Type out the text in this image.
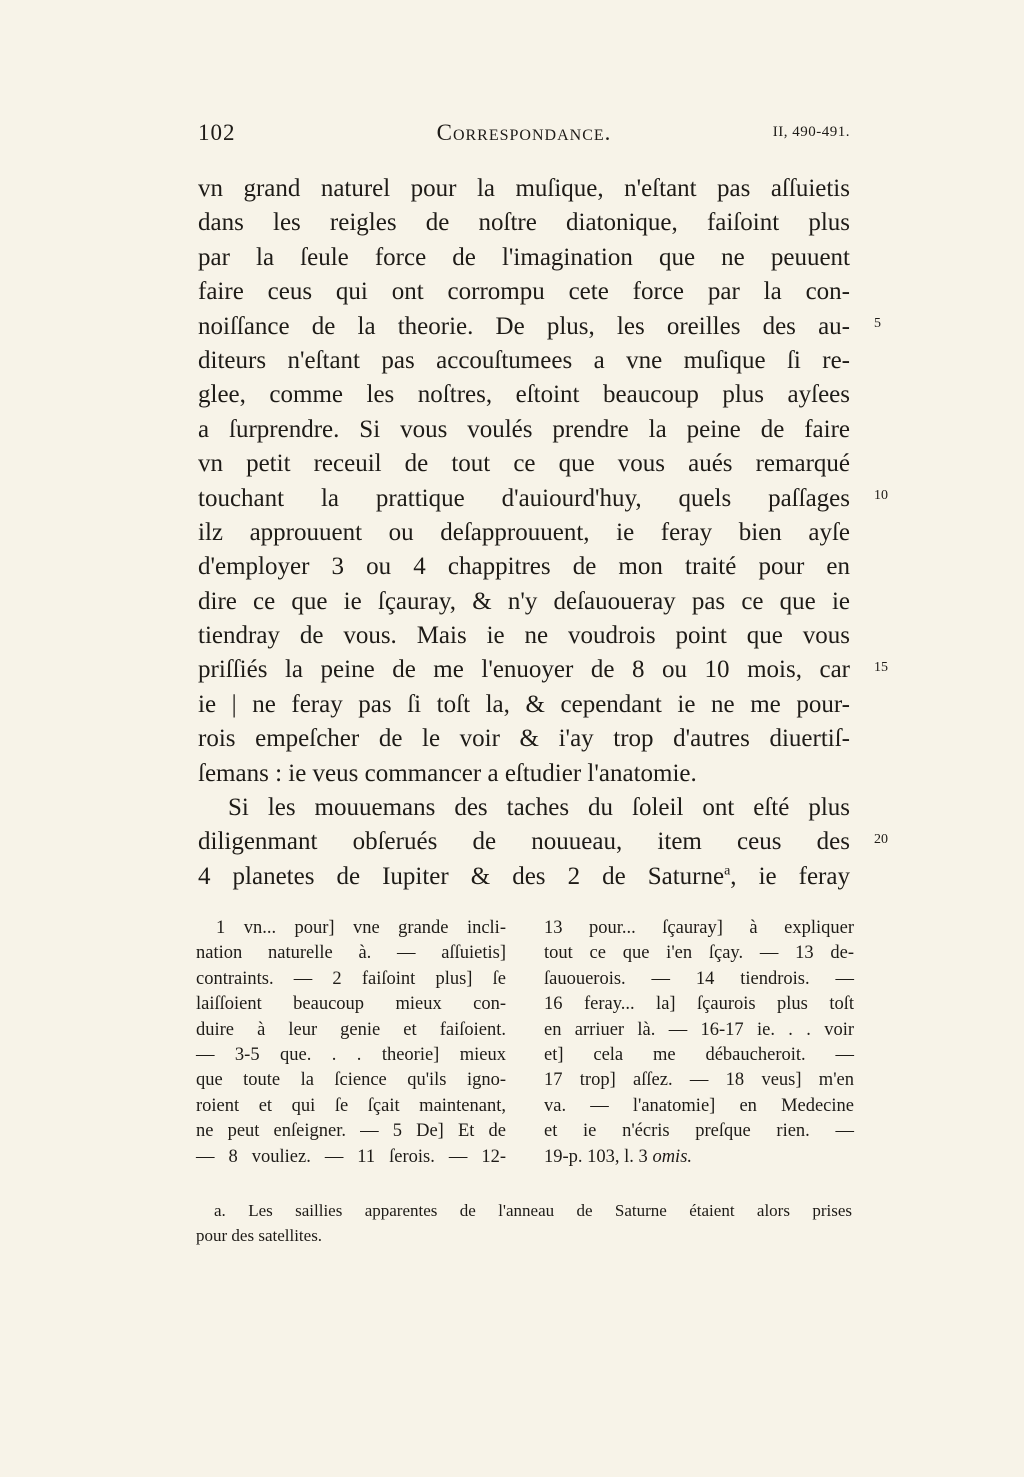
102	Correspondance.	II, 490-491.
vn grand naturel pour la muſique, n'eſtant pas aſſuietis
dans les reigles de noſtre diatonique, faiſoint plus
par la ſeule force de l'imagination que ne peuuent
faire ceus qui ont corrompu cete force par la con-
noiſſance de la theorie. De plus, les oreilles des au-
diteurs n'eſtant pas accouſtumees a vne muſique ſi re-
glee, comme les noſtres, eſtoint beaucoup plus ayſees
a ſurprendre. Si vous voulés prendre la peine de faire
vn petit receuil de tout ce que vous aués remarqué
touchant la prattique d'auiourd'huy, quels paſſages
ilz approuuent ou deſapprouuent, ie feray bien ayſe
d'employer 3 ou 4 chappitres de mon traité pour en
dire ce que ie ſçauray, & n'y deſauoueray pas ce que ie
tiendray de vous. Mais ie ne voudrois point que vous
priſſiés la peine de me l'enuoyer de 8 ou 10 mois, car
ie | ne feray pas ſi toſt la, & cependant ie ne me pour-
rois empeſcher de le voir & i'ay trop d'autres diuertiſ-
ſemans : ie veus commancer a eſtudier l'anatomie.
Si les mouuemans des taches du ſoleil ont eſté plus
diligenmant obſerués de nouueau, item ceus des
4 planetes de Iupiter & des 2 de Saturne$^a$, ie feray
5
10
15
20
1 vn... pour] vne grande incli-
nation naturelle à. — aſſuietis]
contraints. — 2 faiſoint plus] ſe
laiſſoient beaucoup mieux con-
duire à leur genie et faiſoient.
— 3-5 que. . . theorie] mieux
que toute la ſcience qu'ils igno-
roient et qui ſe ſçait maintenant,
ne peut enſeigner. — 5 De] Et de
— 8 vouliez. — 11 ſerois. — 12-
13 pour... ſçauray] à expliquer
tout ce que i'en ſçay. — 13 de-
ſauouerois. — 14 tiendrois. —
16 feray... la] ſçaurois plus toſt
en arriuer là. — 16-17 ie. . . voir
et] cela me débaucheroit. —
17 trop] aſſez. — 18 veus] m'en
va. — l'anatomie] en Medecine
et ie n'écris preſque rien. —
19-p. 103, l. 3 omis.
a. Les saillies apparentes de l'anneau de Saturne étaient alors prises
pour des satellites.
